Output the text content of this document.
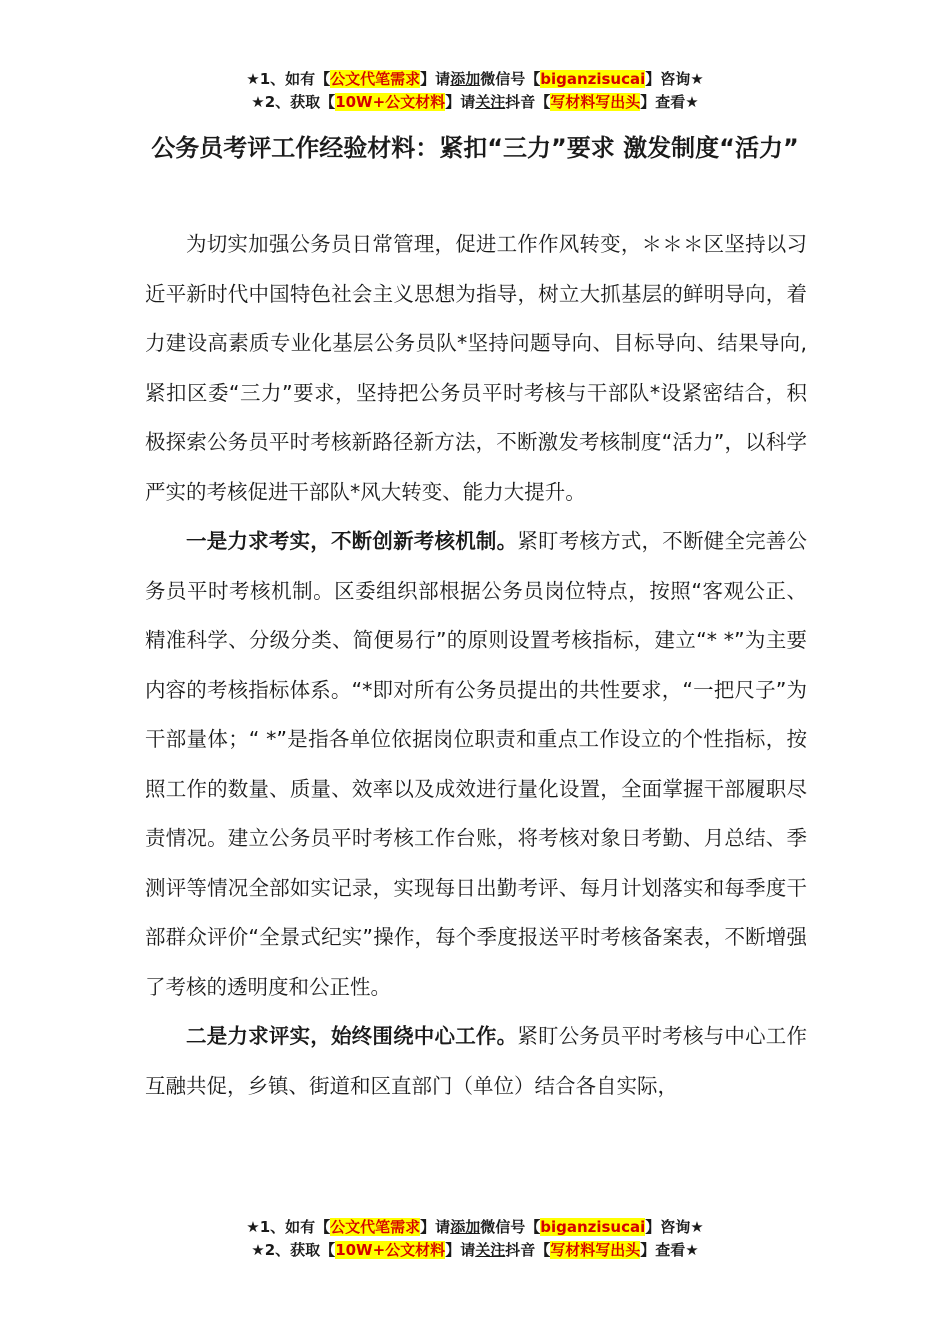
★1、如有【公文代笔需求】请添加微信号【biganzisucai】咨询★
★2、获取【10W+公文材料】请关注抖音【写材料写出头】查看★
公务员考评工作经验材料：紧扣“三力”要求 激发制度“活力”

为切实加强公务员日常管理，促进工作作风转变，＊＊＊区坚持以习近平新时代中国特色社会主义思想为指导，树立大抓基层的鲜明导向，着力建设高素质专业化基层公务员队*坚持问题导向、目标导向、结果导向,紧扣区委“三力”要求，坚持把公务员平时考核与干部队*设紧密结合，积极探索公务员平时考核新路径新方法，不断激发考核制度“活力”，以科学严实的考核促进干部队*风大转变、能力大提升。

一是力求考实，不断创新考核机制。紧盯考核方式，不断健全完善公务员平时考核机制。区委组织部根据公务员岗位特点，按照“客观公正、精准科学、分级分类、简便易行”的原则设置考核指标，建立“* *”为主要内容的考核指标体系。“*即对所有公务员提出的共性要求，“一把尺子”为干部量体；“ *”是指各单位依据岗位职责和重点工作设立的个性指标，按照工作的数量、质量、效率以及成效进行量化设置，全面掌握干部履职尽责情况。建立公务员平时考核工作台账，将考核对象日考勤、月总结、季测评等情况全部如实记录，实现每日出勤考评、每月计划落实和每季度干部群众评价“全景式纪实”操作，每个季度报送平时考核备案表，不断增强了考核的透明度和公正性。

二是力求评实，始终围绕中心工作。紧盯公务员平时考核与中心工作互融共促，乡镇、街道和区直部门（单位）结合各自实际，

★1、如有【公文代笔需求】请添加微信号【biganzisucai】咨询★
★2、获取【10W+公文材料】请关注抖音【写材料写出头】查看★
